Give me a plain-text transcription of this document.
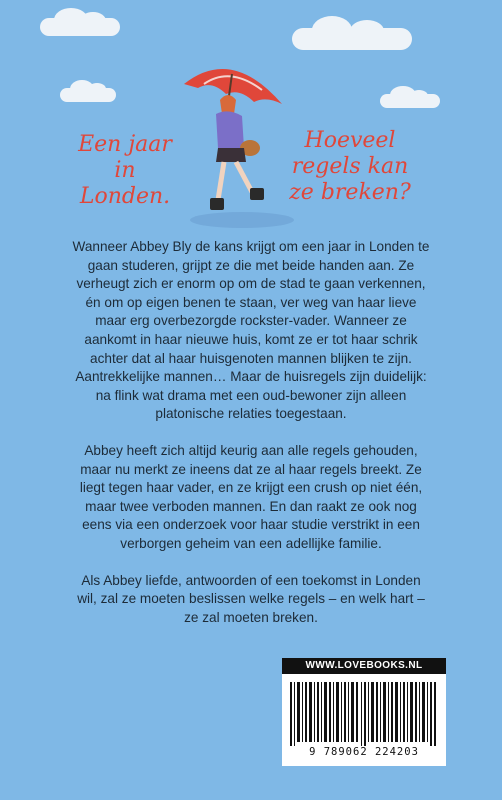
Een jaar in Londen.
Hoeveel regels kan ze breken?

Wanneer Abbey Bly de kans krijgt om een jaar in Londen te gaan studeren, grijpt ze die met beide handen aan. Ze verheugt zich er enorm op om de stad te gaan verkennen, én om op eigen benen te staan, ver weg van haar lieve maar erg overbezorgde rockster-vader. Wanneer ze aankomt in haar nieuwe huis, komt ze er tot haar schrik achter dat al haar huisgenoten mannen blijken te zijn. Aantrekkelijke mannen… Maar de huisregels zijn duidelijk: na flink wat drama met een oud-bewoner zijn alleen platonische relaties toegestaan.

Abbey heeft zich altijd keurig aan alle regels gehouden, maar nu merkt ze ineens dat ze al haar regels breekt. Ze liegt tegen haar vader, en ze krijgt een crush op niet één, maar twee verboden mannen. En dan raakt ze ook nog eens via een onderzoek voor haar studie verstrikt in een verborgen geheim van een adellijke familie.

Als Abbey liefde, antwoorden of een toekomst in Londen wil, zal ze moeten beslissen welke regels – en welk hart – ze zal moeten breken.

WWW.LOVEBOOKS.NL
9 789062 224203
